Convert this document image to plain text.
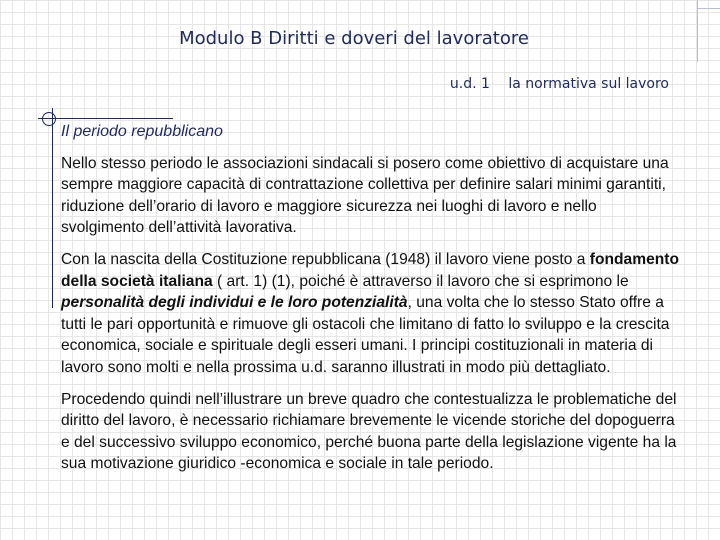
Modulo B Diritti e doveri del lavoratore
u.d. 1 la normativa sul lavoro
Il periodo repubblicano

Nello stesso periodo le associazioni sindacali si posero come obiettivo di acquistare una sempre maggiore capacità di contrattazione collettiva per definire salari minimi garantiti, riduzione dell’orario di lavoro e maggiore sicurezza nei luoghi di lavoro e nello svolgimento dell’attività lavorativa.

Con la nascita della Costituzione repubblicana (1948) il lavoro viene posto a fondamento della società italiana ( art. 1) (1), poiché è attraverso il lavoro che si esprimono le personalità degli individui e le loro potenzialità, una volta che lo stesso Stato offre a tutti le pari opportunità e rimuove gli ostacoli che limitano di fatto lo sviluppo e la crescita economica, sociale e spirituale degli esseri umani. I principi costituzionali in materia di lavoro sono molti e nella prossima u.d. saranno illustrati in modo più dettagliato.

Procedendo quindi nell’illustrare un breve quadro che contestualizza le problematiche del diritto del lavoro, è necessario richiamare brevemente le vicende storiche del dopoguerra e del successivo sviluppo economico, perché buona parte della legislazione vigente ha la sua motivazione giuridico -economica e sociale in tale periodo.
